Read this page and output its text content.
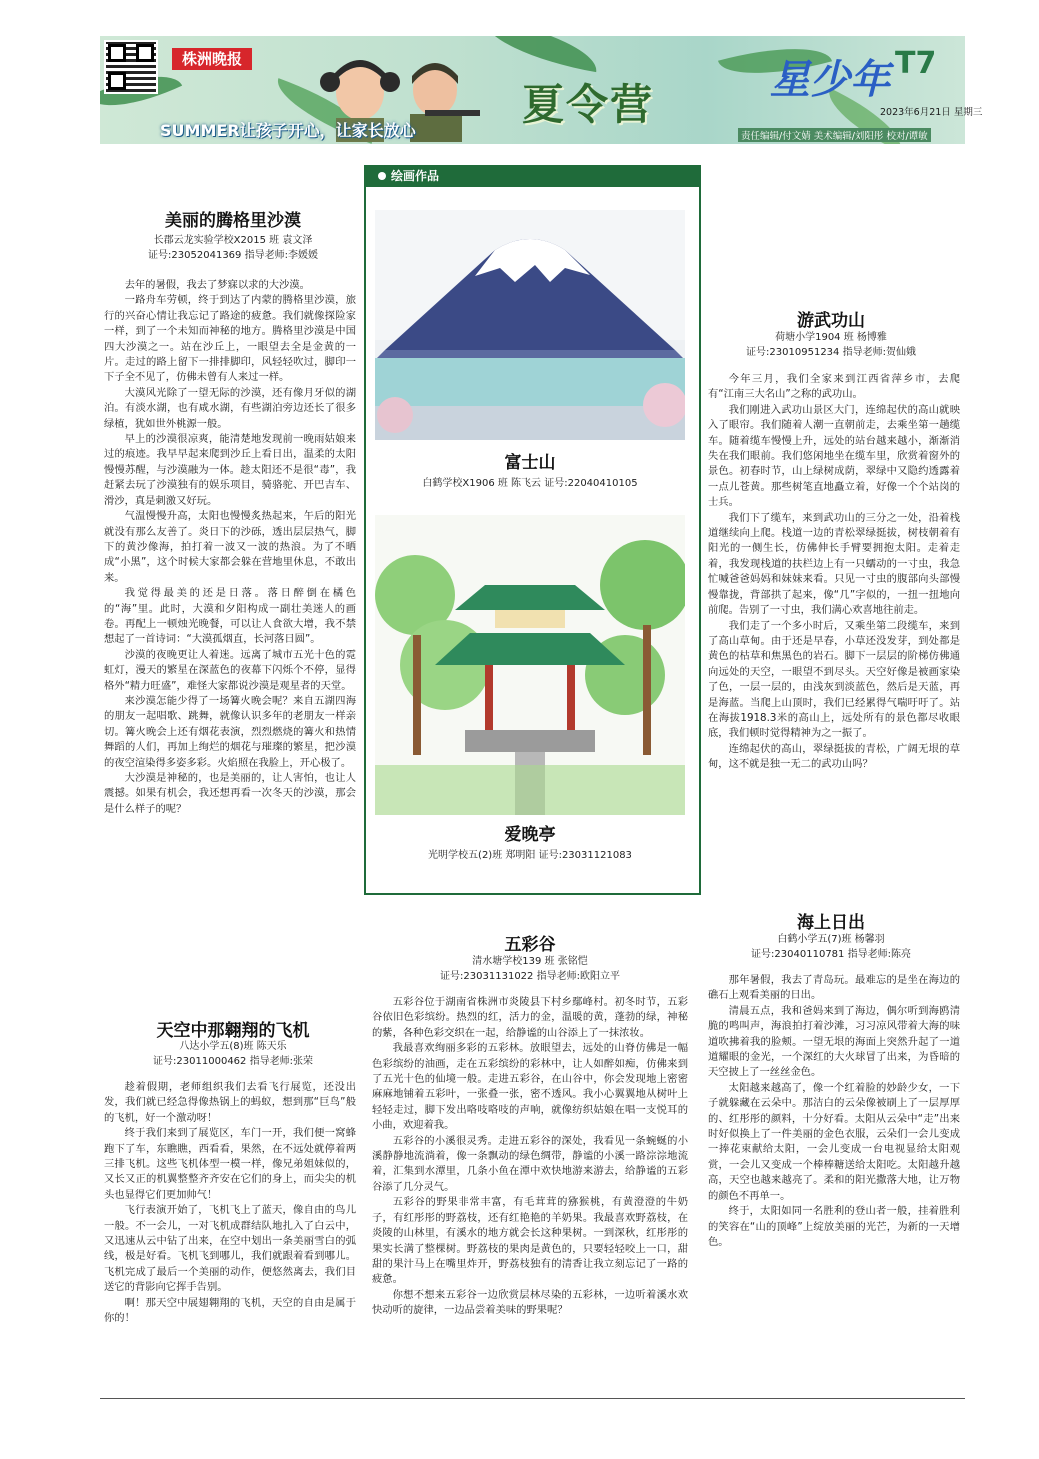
株洲晚报
SUMMER让孩子开心，让家长放心
夏令营	星少年 T7
2023年6月21日 星期三
责任编辑/付文婧 美术编辑/刘阳彤 校对/谭敏
美丽的腾格里沙漠
长郡云龙实验学校X2015 班 袁文泽
证号:23052041369 指导老师:李媛媛

去年的暑假，我去了梦寐以求的大沙漠。

一路舟车劳顿，终于到达了内蒙的腾格里沙漠，旅行的兴奋心情让我忘记了路途的疲惫。我们就像探险家一样，到了一个未知而神秘的地方。腾格里沙漠是中国四大沙漠之一。站在沙丘上，一眼望去全是金黄的一片。走过的路上留下一排排脚印，风轻轻吹过，脚印一下子全不见了，仿佛未曾有人来过一样。

大漠风光除了一望无际的沙漠，还有像月牙似的湖泊。有淡水湖，也有咸水湖，有些湖泊旁边还长了很多绿植，犹如世外桃源一般。

早上的沙漠很凉爽，能清楚地发现前一晚雨姑娘来过的痕迹。我早早起来爬到沙丘上看日出，温柔的太阳慢慢苏醒，与沙漠融为一体。趁太阳还不是很“毒”，我赶紧去玩了沙漠独有的娱乐项目，骑骆驼、开巴吉车、滑沙，真是刺激又好玩。

气温慢慢升高，太阳也慢慢炙热起来，午后的阳光就没有那么友善了。炎日下的沙砾，透出层层热气，脚下的黄沙像海，拍打着一波又一波的热浪。为了不晒成“小黑”，这个时候大家都会躲在营地里休息，不敢出来。

我觉得最美的还是日落。落日醉倒在橘色的“海”里。此时，大漠和夕阳构成一副壮美迷人的画卷。再配上一顿烛光晚餐，可以让人食欲大增，我不禁想起了一首诗词：“大漠孤烟直，长河落日圆”。

沙漠的夜晚更让人着迷。远离了城市五光十色的霓虹灯，漫天的繁星在深蓝色的夜幕下闪烁个不停，显得格外“精力旺盛”，难怪大家都说沙漠是观星者的天堂。

来沙漠怎能少得了一场篝火晚会呢？来自五湖四海的朋友一起唱歌、跳舞，就像认识多年的老朋友一样亲切。篝火晚会上还有烟花表演，烈烈燃烧的篝火和热情舞蹈的人们，再加上绚烂的烟花与璀璨的繁星，把沙漠的夜空渲染得多姿多彩。火焰照在我脸上，开心极了。

大沙漠是神秘的，也是美丽的，让人害怕，也让人震撼。如果有机会，我还想再看一次冬天的沙漠，那会是什么样子的呢？

天空中那翱翔的飞机
八达小学五(8)班 陈天乐
证号:23011000462 指导老师:张荣

趁着假期，老师组织我们去看飞行展览，还没出发，我们就已经急得像热锅上的蚂蚁，想到那“巨鸟”般的飞机，好一个激动呀！

终于我们来到了展览区，车门一开，我们便一窝蜂跑下了车，东瞧瞧，西看看，果然，在不远处就停着两三排飞机。这些飞机体型一模一样，像兄弟姐妹似的，又长又正的机翼整整齐齐安在它们的身上，而尖尖的机头也显得它们更加帅气！

飞行表演开始了，飞机飞上了蓝天，像自由的鸟儿一般。不一会儿，一对飞机成群结队地扎入了白云中，又迅速从云中钻了出来，在空中划出一条美丽雪白的弧线，极是好看。飞机飞到哪儿，我们就跟着看到哪儿。飞机完成了最后一个美丽的动作，便悠然离去，我们目送它的背影向它挥手告别。

啊！那天空中展翅翱翔的飞机，天空的自由是属于你的！

绘画作品
富士山
白鹤学校X1906 班 陈飞云 证号:22040410105
爱晚亭
光明学校五(2)班 郑明阳 证号:23031121083
五彩谷
清水塘学校139 班 张铭恺
证号:23031131022 指导老师:欧阳立平

五彩谷位于湖南省株洲市炎陵县下村乡鄢峰村。初冬时节，五彩谷依旧色彩缤纷。热烈的红，活力的金，温暖的黄，蓬勃的绿，神秘的紫，各种色彩交织在一起，给静谧的山谷添上了一抹浓妆。

我最喜欢绚丽多彩的五彩林。放眼望去，远处的山脊仿佛是一幅色彩缤纷的油画，走在五彩缤纷的彩林中，让人如醉如痴，仿佛来到了五光十色的仙境一般。走进五彩谷，在山谷中，你会发现地上密密麻麻地铺着五彩叶，一张叠一张，密不透风。我小心翼翼地从树叶上轻轻走过，脚下发出咯吱咯吱的声响，就像纺织姑娘在唱一支悦耳的小曲，欢迎着我。

五彩谷的小溪很灵秀。走进五彩谷的深处，我看见一条蜿蜒的小溪静静地流淌着，像一条飘动的绿色绸带，静谧的小溪一路淙淙地流着，汇集到水潭里，几条小鱼在潭中欢快地游来游去，给静谧的五彩谷添了几分灵气。

五彩谷的野果非常丰富，有毛茸茸的猕猴桃，有黄澄澄的牛奶子，有红彤彤的野荔枝，还有红艳艳的羊奶果。我最喜欢野荔枝，在炎陵的山林里，有溪水的地方就会长这种果树。一到深秋，红彤彤的果实长满了整棵树。野荔枝的果肉是黄色的，只要轻轻咬上一口，甜甜的果汁马上在嘴里炸开，野荔枝独有的清香让我立刻忘记了一路的疲惫。

你想不想来五彩谷一边欣赏层林尽染的五彩林，一边听着溪水欢快动听的旋律，一边品尝着美味的野果呢？

游武功山
荷塘小学1904 班 杨博雅
证号:23010951234 指导老师:贺仙娥

今年三月，我们全家来到江西省萍乡市，去爬有“江南三大名山”之称的武功山。

我们刚进入武功山景区大门，连绵起伏的高山就映入了眼帘。我们随着人潮一直朝前走，去乘坐第一趟缆车。随着缆车慢慢上升，远处的站台越来越小，渐渐消失在我们眼前。我们悠闲地坐在缆车里，欣赏着窗外的景色。初春时节，山上绿树成荫，翠绿中又隐约透露着一点儿苍黄。那些树笔直地矗立着，好像一个个站岗的士兵。

我们下了缆车，来到武功山的三分之一处，沿着栈道继续向上爬。栈道一边的青松翠绿挺拔，树枝朝着有阳光的一侧生长，仿佛伸长手臂要拥抱太阳。走着走着，我发现栈道的扶栏边上有一只蠕动的一寸虫，我急忙喊爸爸妈妈和妹妹来看。只见一寸虫的腹部向头部慢慢靠拢，背部拱了起来，像“几”字似的，一扭一扭地向前爬。告别了一寸虫，我们满心欢喜地往前走。

我们走了一个多小时后，又乘坐第二段缆车，来到了高山草甸。由于还是早春，小草还没发芽，到处都是黄色的枯草和焦黑色的岩石。脚下一层层的阶梯仿佛通向远处的天空，一眼望不到尽头。天空好像是被画家染了色，一层一层的，由浅灰到淡蓝色，然后是天蓝，再是海蓝。当爬上山顶时，我们已经累得气喘吁吁了。站在海拔1918.3米的高山上，远处所有的景色都尽收眼底，我们顿时觉得精神为之一振了。

连绵起伏的高山，翠绿挺拔的青松，广阔无垠的草甸，这不就是独一无二的武功山吗？

海上日出
白鹤小学五(7)班 杨馨羽
证号:23040110781 指导老师:陈亮

那年暑假，我去了青岛玩。最难忘的是坐在海边的礁石上观看美丽的日出。

清晨五点，我和爸妈来到了海边，偶尔听到海鸥清脆的鸣叫声，海浪拍打着沙滩，习习凉风带着大海的味道吹拂着我的脸颊。一望无垠的海面上突然升起了一道道耀眼的金光，一个深红的大火球冒了出来，为昏暗的天空披上了一丝丝金色。

太阳越来越高了，像一个红着脸的妙龄少女，一下子就躲藏在云朵中。那洁白的云朵像被刷上了一层厚厚的、红彤彤的颜料，十分好看。太阳从云朵中“走”出来时好似换上了一件美丽的金色衣服，云朵们一会儿变成一捧花束献给太阳，一会儿变成一台电视显给太阳观赏，一会儿又变成一个棒棒糖送给太阳吃。太阳越升越高，天空也越来越亮了。柔和的阳光撒落大地，让万物的颜色不再单一。

终于，太阳如同一名胜利的登山者一般，挂着胜利的笑容在“山的顶峰”上绽放美丽的光芒，为新的一天增色。
